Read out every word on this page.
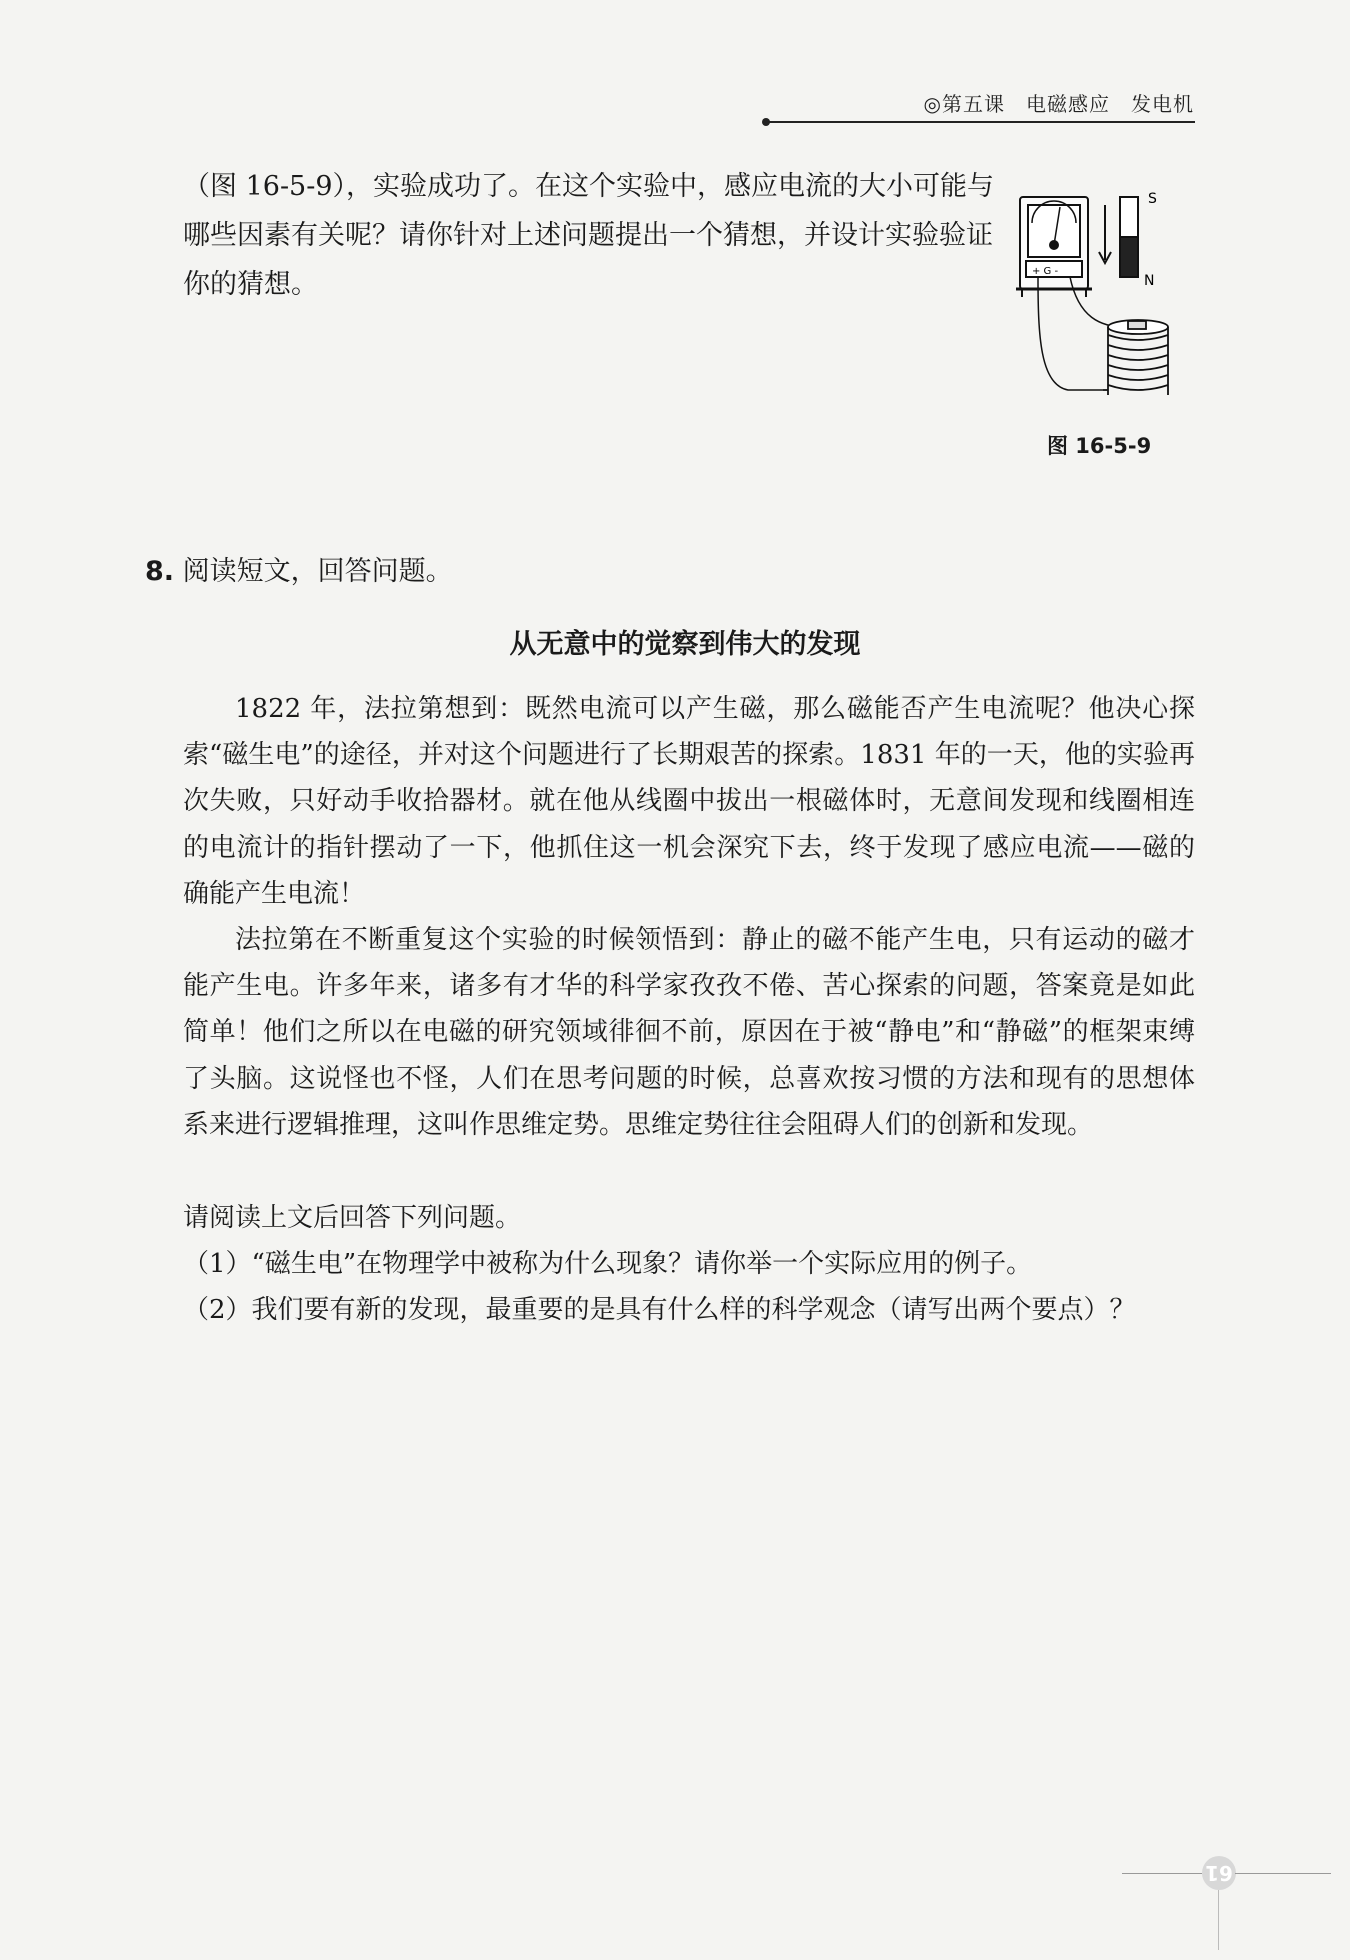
◎第五课　电磁感应　发电机
（图 16-5-9），实验成功了。在这个实验中，感应电流的大小可能与哪些因素有关呢？请你针对上述问题提出一个猜想，并设计实验验证你的猜想。	+ G -
S
N
图 16-5-9
8. 阅读短文，回答问题。
从无意中的觉察到伟大的发现

1822 年，法拉第想到：既然电流可以产生磁，那么磁能否产生电流呢？他决心探索“磁生电”的途径，并对这个问题进行了长期艰苦的探索。1831 年的一天，他的实验再次失败，只好动手收拾器材。就在他从线圈中拔出一根磁体时，无意间发现和线圈相连的电流计的指针摆动了一下，他抓住这一机会深究下去，终于发现了感应电流——磁的确能产生电流！

法拉第在不断重复这个实验的时候领悟到：静止的磁不能产生电，只有运动的磁才能产生电。许多年来，诸多有才华的科学家孜孜不倦、苦心探索的问题，答案竟是如此简单！他们之所以在电磁的研究领域徘徊不前，原因在于被“静电”和“静磁”的框架束缚了头脑。这说怪也不怪，人们在思考问题的时候，总喜欢按习惯的方法和现有的思想体系来进行逻辑推理，这叫作思维定势。思维定势往往会阻碍人们的创新和发现。

请阅读上文后回答下列问题。
（1）“磁生电”在物理学中被称为什么现象？请你举一个实际应用的例子。
（2）我们要有新的发现，最重要的是具有什么样的科学观念（请写出两个要点）？
61
